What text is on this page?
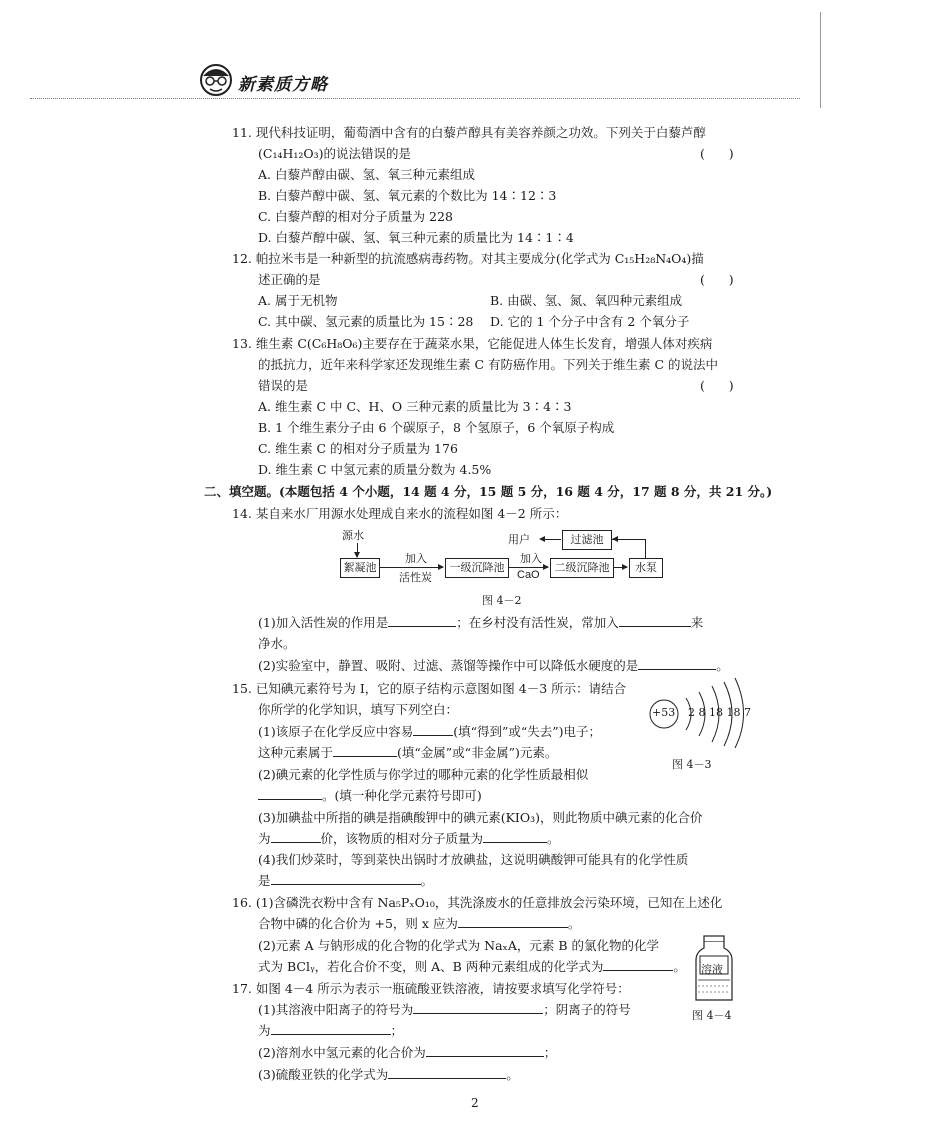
新素质方略
11. 现代科技证明，葡萄酒中含有的白藜芦醇具有美容养颜之功效。下列关于白藜芦醇
(C₁₄H₁₂O₃)的说法错误的是	(      )
A. 白藜芦醇由碳、氢、氧三种元素组成
B. 白藜芦醇中碳、氢、氧元素的个数比为 14∶12∶3
C. 白藜芦醇的相对分子质量为 228
D. 白藜芦醇中碳、氢、氧三种元素的质量比为 14∶1∶4
12. 帕拉米韦是一种新型的抗流感病毒药物。对其主要成分(化学式为 C₁₅H₂₈N₄O₄)描
述正确的是	(      )
A. 属于无机物	B. 由碳、氢、氮、氧四种元素组成
C. 其中碳、氢元素的质量比为 15∶28 D. 它的 1 个分子中含有 2 个氧分子
13. 维生素 C(C₆H₈O₆)主要存在于蔬菜水果，它能促进人体生长发育，增强人体对疾病
的抵抗力，近年来科学家还发现维生素 C 有防癌作用。下列关于维生素 C 的说法中
错误的是	(      )
A. 维生素 C 中 C、H、O 三种元素的质量比为 3∶4∶3
B. 1 个维生素分子由 6 个碳原子，8 个氢原子，6 个氧原子构成
C. 维生素 C 的相对分子质量为 176
D. 维生素 C 中氢元素的质量分数为 4.5%
二、填空题。(本题包括 4 个小题，14 题 4 分，15 题 5 分，16 题 4 分，17 题 8 分，共 21 分。)
14. 某自来水厂用源水处理成自来水的流程如图 4－2 所示：
源水
絮凝池
加入
活性炭
一级沉降池
加入
CaO
二级沉降池	水泵
过滤池
用户
图 4－2
(1)加入活性炭的作用是	；在乡村没有活性炭，常加入	来
净水。
(2)实验室中，静置、吸附、过滤、蒸馏等操作中可以降低水硬度的是	。
15. 已知碘元素符号为 I，它的原子结构示意图如图 4－3 所示：请结合
你所学的化学知识，填写下列空白：
(1)该原子在化学反应中容易	(填“得到”或“失去”)电子；
这种元素属于	(填“金属”或“非金属”)元素。
(2)碘元素的化学性质与你学过的哪种元素的化学性质最相似
。(填一种化学元素符号即可)
(3)加碘盐中所指的碘是指碘酸钾中的碘元素(KIO₃)，则此物质中碘元素的化合价
为	价，该物质的相对分子质量为	。
(4)我们炒菜时，等到菜快出锅时才放碘盐，这说明碘酸钾可能具有的化学性质
是	。
+53 2 8 18 18 7
图 4－3
16. (1)含磷洗衣粉中含有 Na₅PₓO₁₀，其洗涤废水的任意排放会污染环境，已知在上述化
合物中磷的化合价为 +5，则 x 应为	。
(2)元素 A 与钠形成的化合物的化学式为 NaₓA，元素 B 的氯化物的化学
式为 BClᵧ，若化合价不变，则 A、B 两种元素组成的化学式为	。 溶液
图 4－4
17. 如图 4－4 所示为表示一瓶硫酸亚铁溶液，请按要求填写化学符号：
(1)其溶液中阳离子的符号为	；阴离子的符号
为	；
(2)溶剂水中氢元素的化合价为	；
(3)硫酸亚铁的化学式为	。
2
